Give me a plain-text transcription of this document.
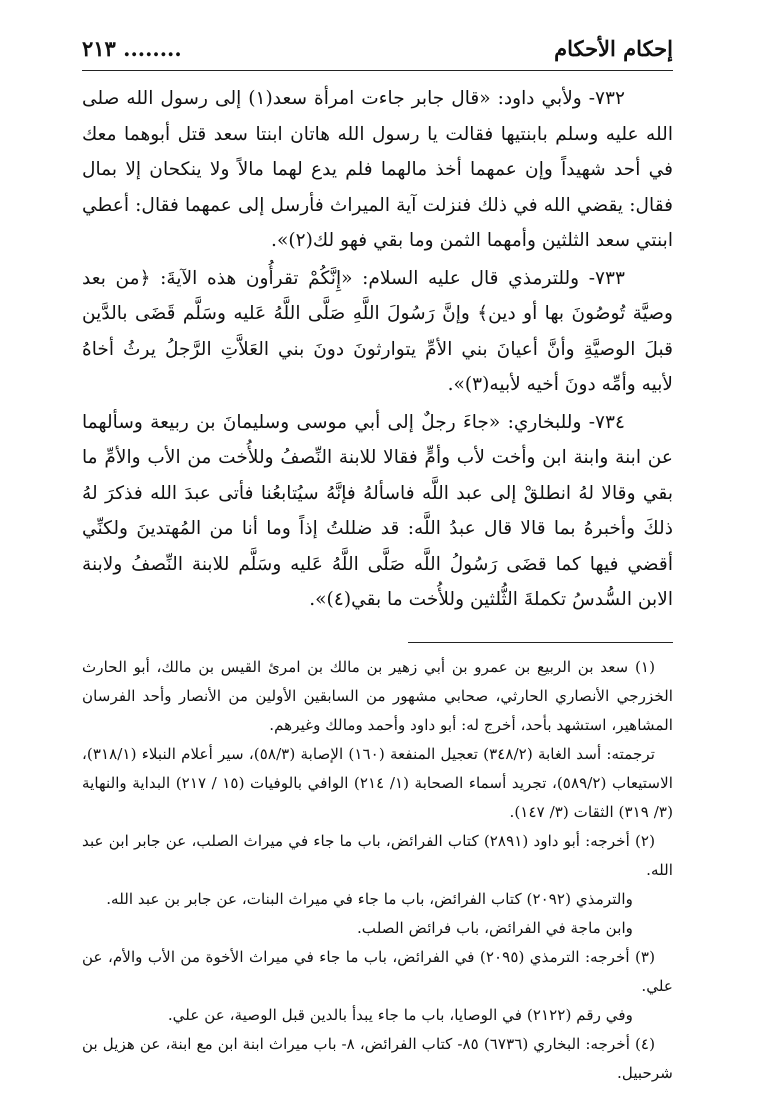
إحكام الأحكام
........ ٢١٣

٧٣٢- ولأبي داود: «قال جابر جاءت امرأة سعد(١) إلى رسول الله صلى الله عليه وسلم بابنتيها فقالت يا رسول الله هاتان ابنتا سعد قتل أبوهما معك في أحد شهيداً وإن عمهما أخذ مالهما فلم يدع لهما مالاً ولا ينكحان إلا بمال فقال: يقضي الله في ذلك فنزلت آية الميراث فأرسل إلى عمهما فقال: أعطي ابنتي سعد الثلثين وأمهما الثمن وما بقي فهو لك(٢)».

٧٣٣- وللترمذي قال عليه السلام: «إِنَّكُمْ تقرأُون هذه الآيةَ: ﴿من بعد وصيَّة تُوصُونَ بها أو دين﴾ وإنَّ رَسُولَ اللَّهِ صَلَّى اللَّهُ عَليه وسَلَّم قَضَى بالدَّين قبلَ الوصيَّةِ وأنَّ أعيانَ بني الأمِّ يتوارثونَ دونَ بني العَلاَّتِ الرَّجلُ يرثُ أخاهُ لأبيه وأمِّه دونَ أخيه لأبيه(٣)».

٧٣٤- وللبخاري: «جاءَ رجلٌ إلى أبي موسى وسليمانَ بن ربيعة وسألهما عن ابنة وابنة ابن وأخت لأب وأمٍّ فقالا للابنة النِّصفُ وللأُخت من الأب والأمِّ ما بقي وقالا لهُ انطلقْ إلى عبد اللَّه فاسألهُ فإنَّهُ سيُتابعُنا فأتى عبدَ الله فذكرَ لهُ ذلكَ وأخبرهُ بما قالا قال عبدُ اللَّه: قد ضللتُ إذاً وما أنا من المُهتدينَ ولكنِّي أقضي فيها كما قضَى رَسُولُ اللَّه صَلَّى اللَّهُ عَليه وسَلَّم للابنة النِّصفُ ولابنة الابن السُّدسُ تكملةَ الثُّلثين وللأُخت ما بقي(٤)».

(١) سعد بن الربيع بن عمرو بن أبي زهير بن مالك بن امرئ القيس بن مالك، أبو الحارث الخزرجي الأنصاري الحارثي، صحابي مشهور من السابقين الأولين من الأنصار وأحد الفرسان المشاهير، استشهد بأحد، أخرج له: أبو داود وأحمد ومالك وغيرهم.

ترجمته: أسد الغابة (٣٤٨/٢) تعجيل المنفعة (١٦٠) الإصابة (٥٨/٣)، سير أعلام النبلاء (٣١٨/١)، الاستيعاب (٥٨٩/٢)، تجريد أسماء الصحابة (١/ ٢١٤) الوافي بالوفيات (١٥ / ٢١٧) البداية والنهاية (٣/ ٣١٩) الثقات (٣/ ١٤٧).

(٢) أخرجه: أبو داود (٢٨٩١) كتاب الفرائض، باب ما جاء في ميراث الصلب، عن جابر ابن عبد الله.

والترمذي (٢٠٩٢) كتاب الفرائض، باب ما جاء في ميراث البنات، عن جابر بن عبد الله.

وابن ماجة في الفرائض، باب فرائض الصلب.

(٣) أخرجه: الترمذي (٢٠٩٥) في الفرائض، باب ما جاء في ميراث الأخوة من الأب والأم، عن علي.

وفي رقم (٢١٢٢) في الوصايا، باب ما جاء يبدأ بالدين قبل الوصية، عن علي.

(٤) أخرجه: البخاري (٦٧٣٦) ٨٥- كتاب الفرائض، ٨- باب ميراث ابنة ابن مع ابنة، عن هزيل بن شرحبيل.
